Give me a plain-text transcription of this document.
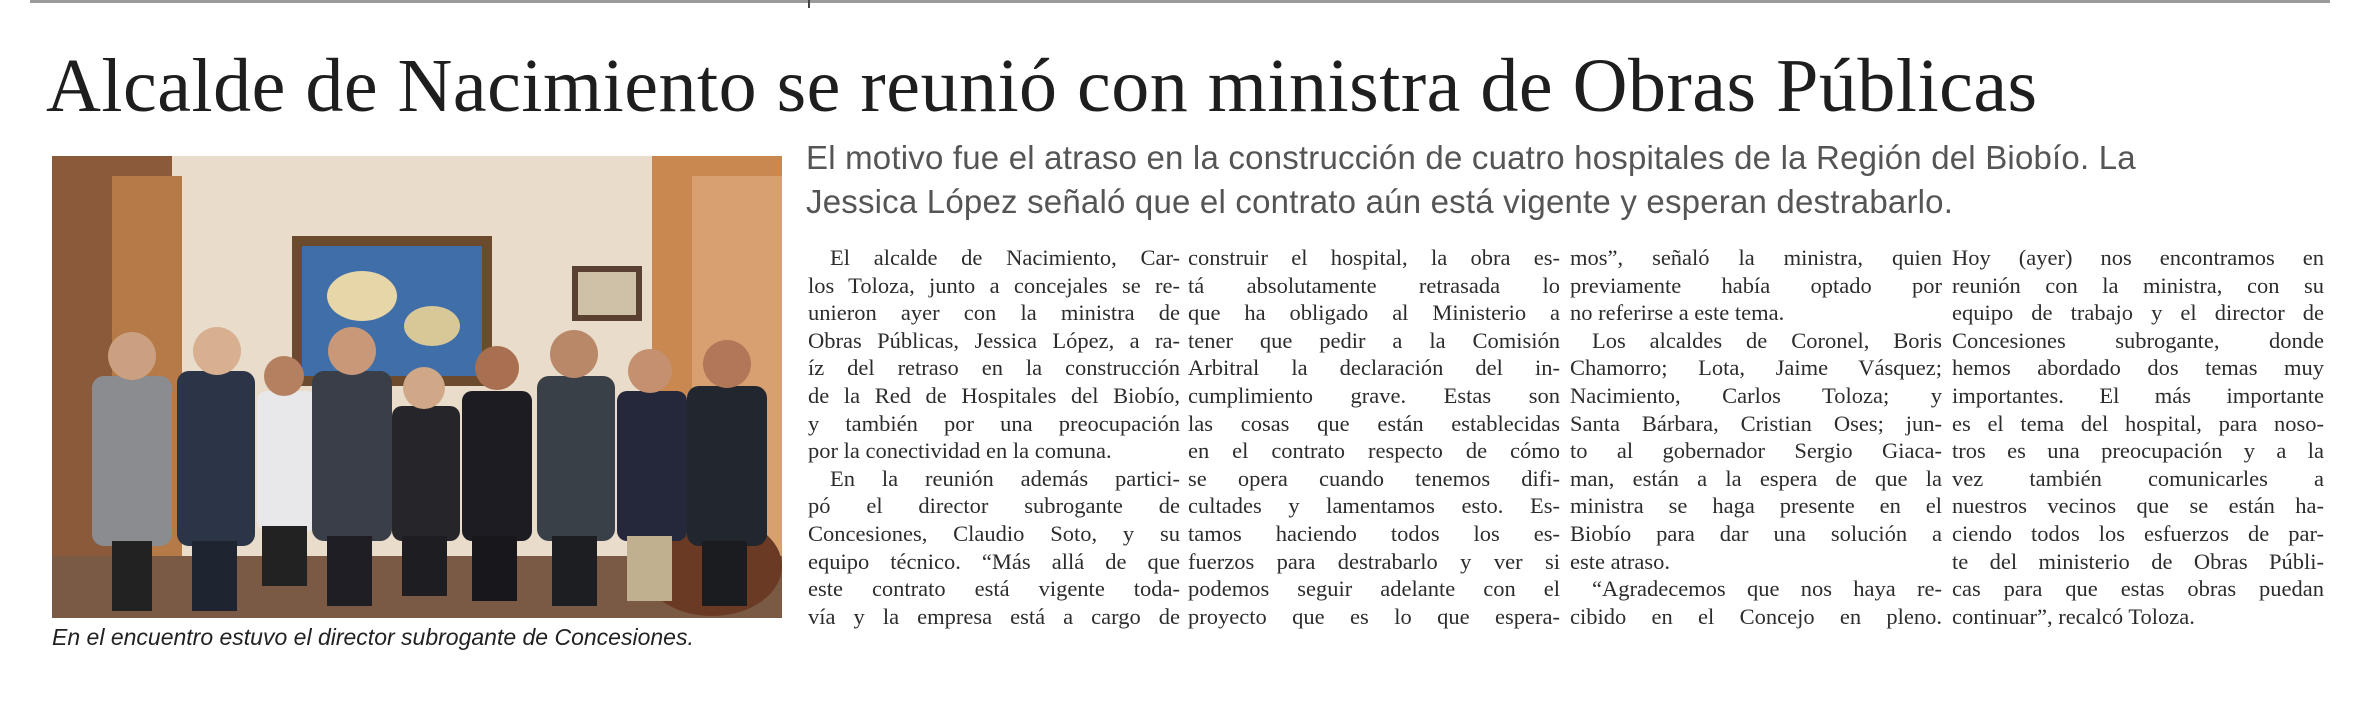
Alcalde de Nacimiento se reunió con ministra de Obras Públicas
En el encuentro estuvo el director subrogante de Concesiones.
El motivo fue el atraso en la construcción de cuatro hospitales de la Región del Biobío. La
Jessica López señaló que el contrato aún está vigente y esperan destrabarlo.
El alcalde de Nacimiento, Car-
los Toloza, junto a concejales se re-
unieron ayer con la ministra de
Obras Públicas, Jessica López, a ra-
íz del retraso en la construcción
de la Red de Hospitales del Biobío,
y también por una preocupación
por la conectividad en la comuna.
En la reunión además partici-
pó el director subrogante de
Concesiones, Claudio Soto, y su
equipo técnico. “Más allá de que
este contrato está vigente toda-
vía y la empresa está a cargo de
construir el hospital, la obra es-
tá absolutamente retrasada lo
que ha obligado al Ministerio a
tener que pedir a la Comisión
Arbitral la declaración del in-
cumplimiento grave. Estas son
las cosas que están establecidas
en el contrato respecto de cómo
se opera cuando tenemos difi-
cultades y lamentamos esto. Es-
tamos haciendo todos los es-
fuerzos para destrabarlo y ver si
podemos seguir adelante con el
proyecto que es lo que espera-
mos”, señaló la ministra, quien
previamente había optado por
no referirse a este tema.
Los alcaldes de Coronel, Boris
Chamorro; Lota, Jaime Vásquez;
Nacimiento, Carlos Toloza; y
Santa Bárbara, Cristian Oses; jun-
to al gobernador Sergio Giaca-
man, están a la espera de que la
ministra se haga presente en el
Biobío para dar una solución a
este atraso.
“Agradecemos que nos haya re-
cibido en el Concejo en pleno.
Hoy (ayer) nos encontramos en
reunión con la ministra, con su
equipo de trabajo y el director de
Concesiones subrogante, donde
hemos abordado dos temas muy
importantes. El más importante
es el tema del hospital, para noso-
tros es una preocupación y a la
vez también comunicarles a
nuestros vecinos que se están ha-
ciendo todos los esfuerzos de par-
te del ministerio de Obras Públi-
cas para que estas obras puedan
continuar”, recalcó Toloza.
